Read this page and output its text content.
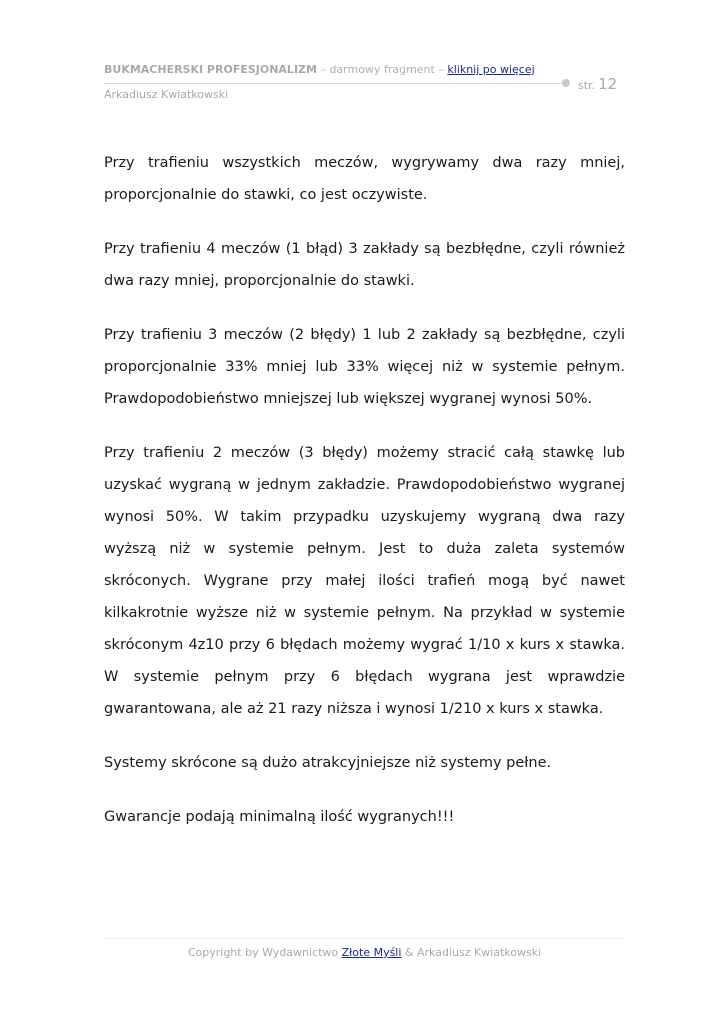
BUKMACHERSKI PROFESJONALIZM – darmowy fragment – kliknij po więcej
str. 12
Arkadiusz Kwiatkowski

Przy trafieniu wszystkich meczów, wygrywamy dwa razy mniej, proporcjonalnie do stawki, co jest oczywiste.

Przy trafieniu 4 meczów (1 błąd) 3 zakłady są bezbłędne, czyli również dwa razy mniej, proporcjonalnie do stawki.

Przy trafieniu 3 meczów (2 błędy) 1 lub 2 zakłady są bezbłędne, czyli proporcjonalnie 33% mniej lub 33% więcej niż w systemie pełnym. Prawdopodobieństwo mniejszej lub większej wygranej wynosi 50%.

Przy trafieniu 2 meczów (3 błędy) możemy stracić całą stawkę lub uzyskać wygraną w jednym zakładzie. Prawdopodobieństwo wygranej wynosi 50%. W takim przypadku uzyskujemy wygraną dwa razy wyższą niż w systemie pełnym. Jest to duża zaleta systemów skróconych. Wygrane przy małej ilości trafień mogą być nawet kilkakrotnie wyższe niż w systemie pełnym. Na przykład w systemie skróconym 4z10 przy 6 błędach możemy wygrać 1/10 x kurs x stawka. W systemie pełnym przy 6 błędach wygrana jest wprawdzie gwarantowana, ale aż 21 razy niższa i wynosi 1/210 x kurs x stawka.

Systemy skrócone są dużo atrakcyjniejsze niż systemy pełne.

Gwarancje podają minimalną ilość wygranych!!!

Copyright by Wydawnictwo Złote Myśli & Arkadiusz Kwiatkowski
